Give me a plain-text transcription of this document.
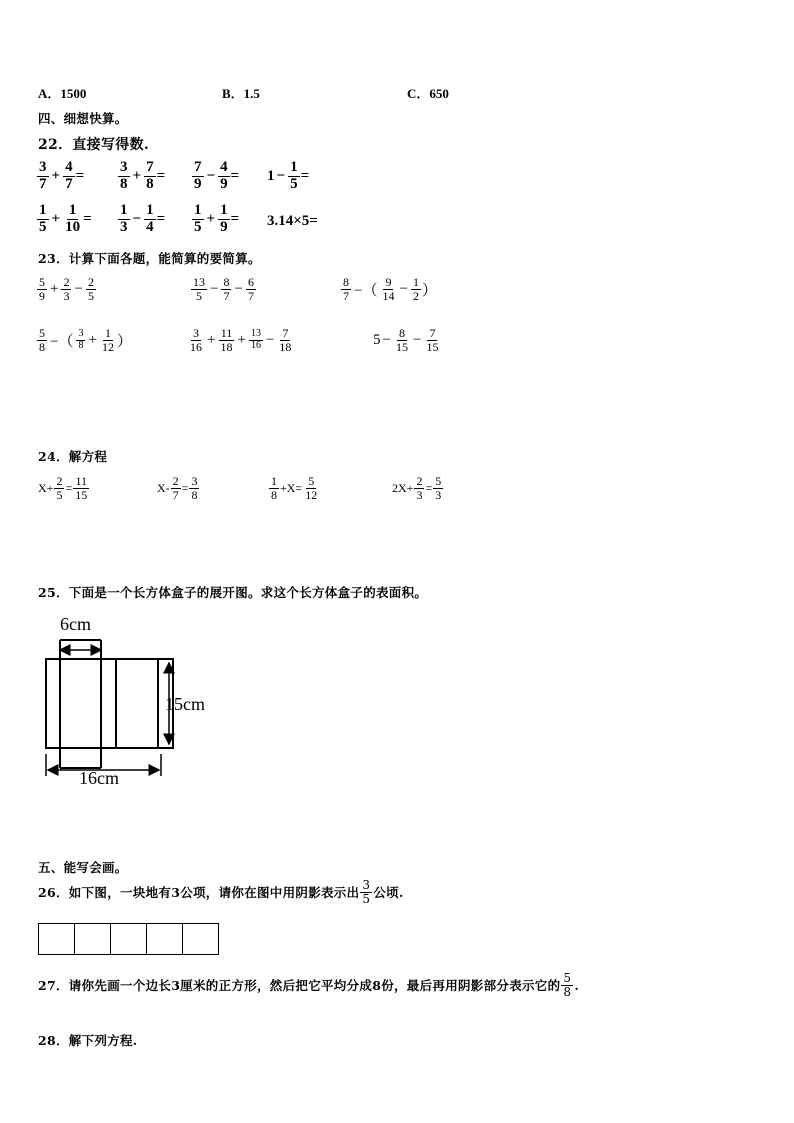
A．1500	B．1.5	C．650
四、细想快算。
22．直接写得数.
$\frac{3}{7} + \frac{4}{7} = \frac{3}{8} + \frac{7}{8} = \frac{7}{9} - \frac{4}{9} = 1 - \frac{1}{5}$ =
$\frac{1}{5} + \frac{1}{10} = \frac{1}{3} - \frac{1}{4} = \frac{1}{5} + \frac{1}{9} = 3.14\times 5=$
23．计算下面各题，能简算的要简算。
$\frac{5}{9} + \frac{2}{3} - \frac{2}{5}$	$\frac{13}{5} - \frac{8}{7} - \frac{6}{7}$	$\frac{8}{7}$ −（ $\frac{9}{14} - \frac{1}{2}$ ）
$\frac{5}{8}$ −（ $\frac{3}{8} + \frac{1}{12}$ ）	$\frac{3}{16} + \frac{11}{18} + \frac{13}{16} - \frac{7}{18}$	$5 - \frac{8}{15} - \frac{7}{15}$
24．解方程
$X+ \frac{2}{5} = \frac{11}{15}$	$X- \frac{2}{7} = \frac{3}{8}$	$\frac{1}{8} +X= \frac{5}{12}$	$2X+ \frac{2}{3} = \frac{5}{3}$
25．下面是一个长方体盒子的展开图。求这个长方体盒子的表面积。
6cm
15cm
16cm
五、能写会画。
26．如下图，一块地有3公项，请你在图中用阴影表示出 $\frac{3}{5}$ 公顷.
27．请你先画一个边长3厘米的正方形，然后把它平均分成8份，最后再用阴影部分表示它的 $\frac{5}{8}$ .
28．解下列方程.
